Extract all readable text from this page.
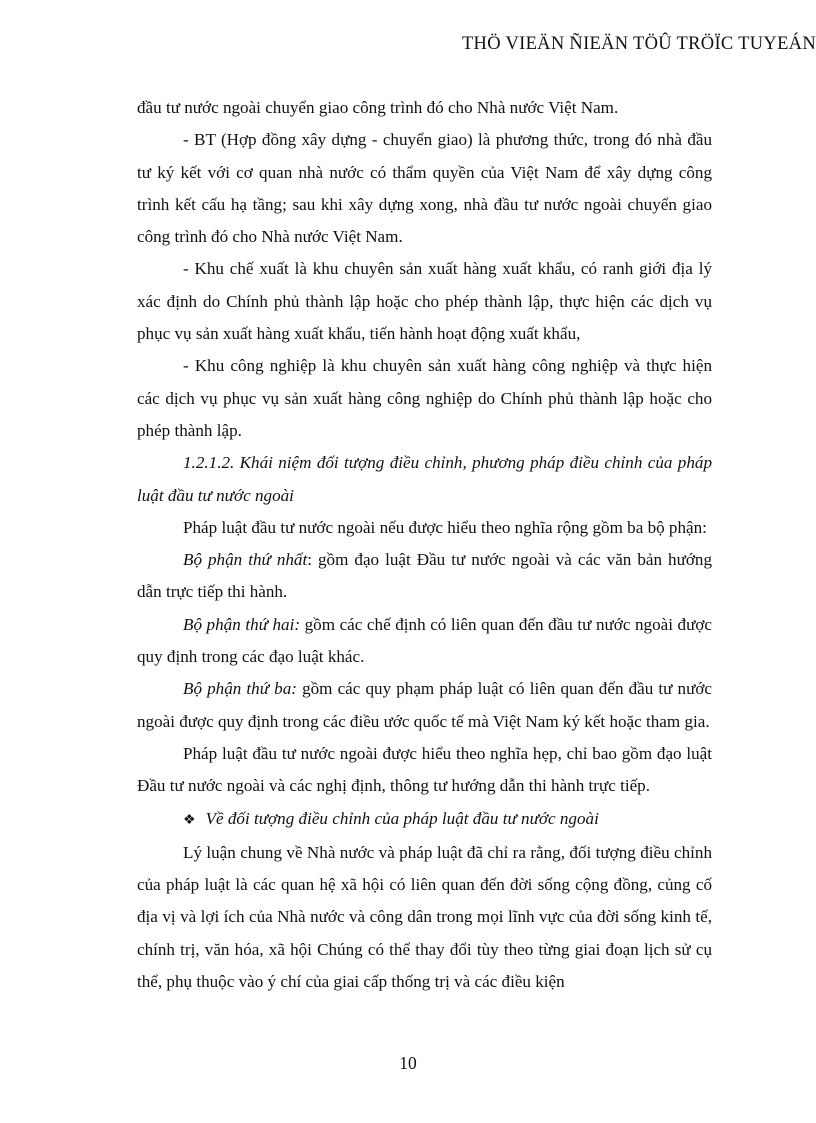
THÖ VIEÄN ÑIEÄN TÖÛ TRÖÏC TUYEÁN

đầu tư nước ngoài chuyển giao công trình đó cho Nhà nước Việt Nam.

- BT (Hợp đồng xây dựng - chuyển giao) là phương thức, trong đó nhà đầu tư ký kết với cơ quan nhà nước có thẩm quyền của Việt Nam để xây dựng công trình kết cấu hạ tầng; sau khi xây dựng xong, nhà đầu tư nước ngoài chuyển giao công trình đó cho Nhà nước Việt Nam.

- Khu chế xuất là khu chuyên sản xuất hàng xuất khẩu, có ranh giới địa lý xác định do Chính phủ thành lập hoặc cho phép thành lập, thực hiện các dịch vụ phục vụ sản xuất hàng xuất khẩu, tiến hành hoạt động xuất khẩu,

- Khu công nghiệp là khu chuyên sản xuất hàng công nghiệp và thực hiện các dịch vụ phục vụ sản xuất hàng công nghiệp do Chính phủ thành lập hoặc cho phép thành lập.

1.2.1.2. Khái niệm đối tượng điều chỉnh, phương pháp điều chỉnh của pháp luật đầu tư nước ngoài

Pháp luật đầu tư nước ngoài nếu được hiểu theo nghĩa rộng gồm ba bộ phận:

Bộ phận thứ nhất: gồm đạo luật Đầu tư nước ngoài và các văn bản hướng dẫn trực tiếp thi hành.

Bộ phận thứ hai: gồm các chế định có liên quan đến đầu tư nước ngoài được quy định trong các đạo luật khác.

Bộ phận thứ ba: gồm các quy phạm pháp luật có liên quan đến đầu tư nước ngoài được quy định trong các điều ước quốc tế mà Việt Nam ký kết hoặc tham gia.

Pháp luật đầu tư nước ngoài được hiểu theo nghĩa hẹp, chỉ bao gồm đạo luật Đầu tư nước ngoài và các nghị định, thông tư hướng dẫn thi hành trực tiếp.

❖ Về đối tượng điều chỉnh của pháp luật đầu tư nước ngoài

Lý luận chung về Nhà nước và pháp luật đã chỉ ra rằng, đối tượng điều chỉnh của pháp luật là các quan hệ xã hội có liên quan đến đời sống cộng đồng, củng cố địa vị và lợi ích của Nhà nước và công dân trong mọi lĩnh vực của đời sống kinh tế, chính trị, văn hóa, xã hội Chúng có thể thay đổi tùy theo từng giai đoạn lịch sử cụ thể, phụ thuộc vào ý chí của giai cấp thống trị và các điều kiện

10
